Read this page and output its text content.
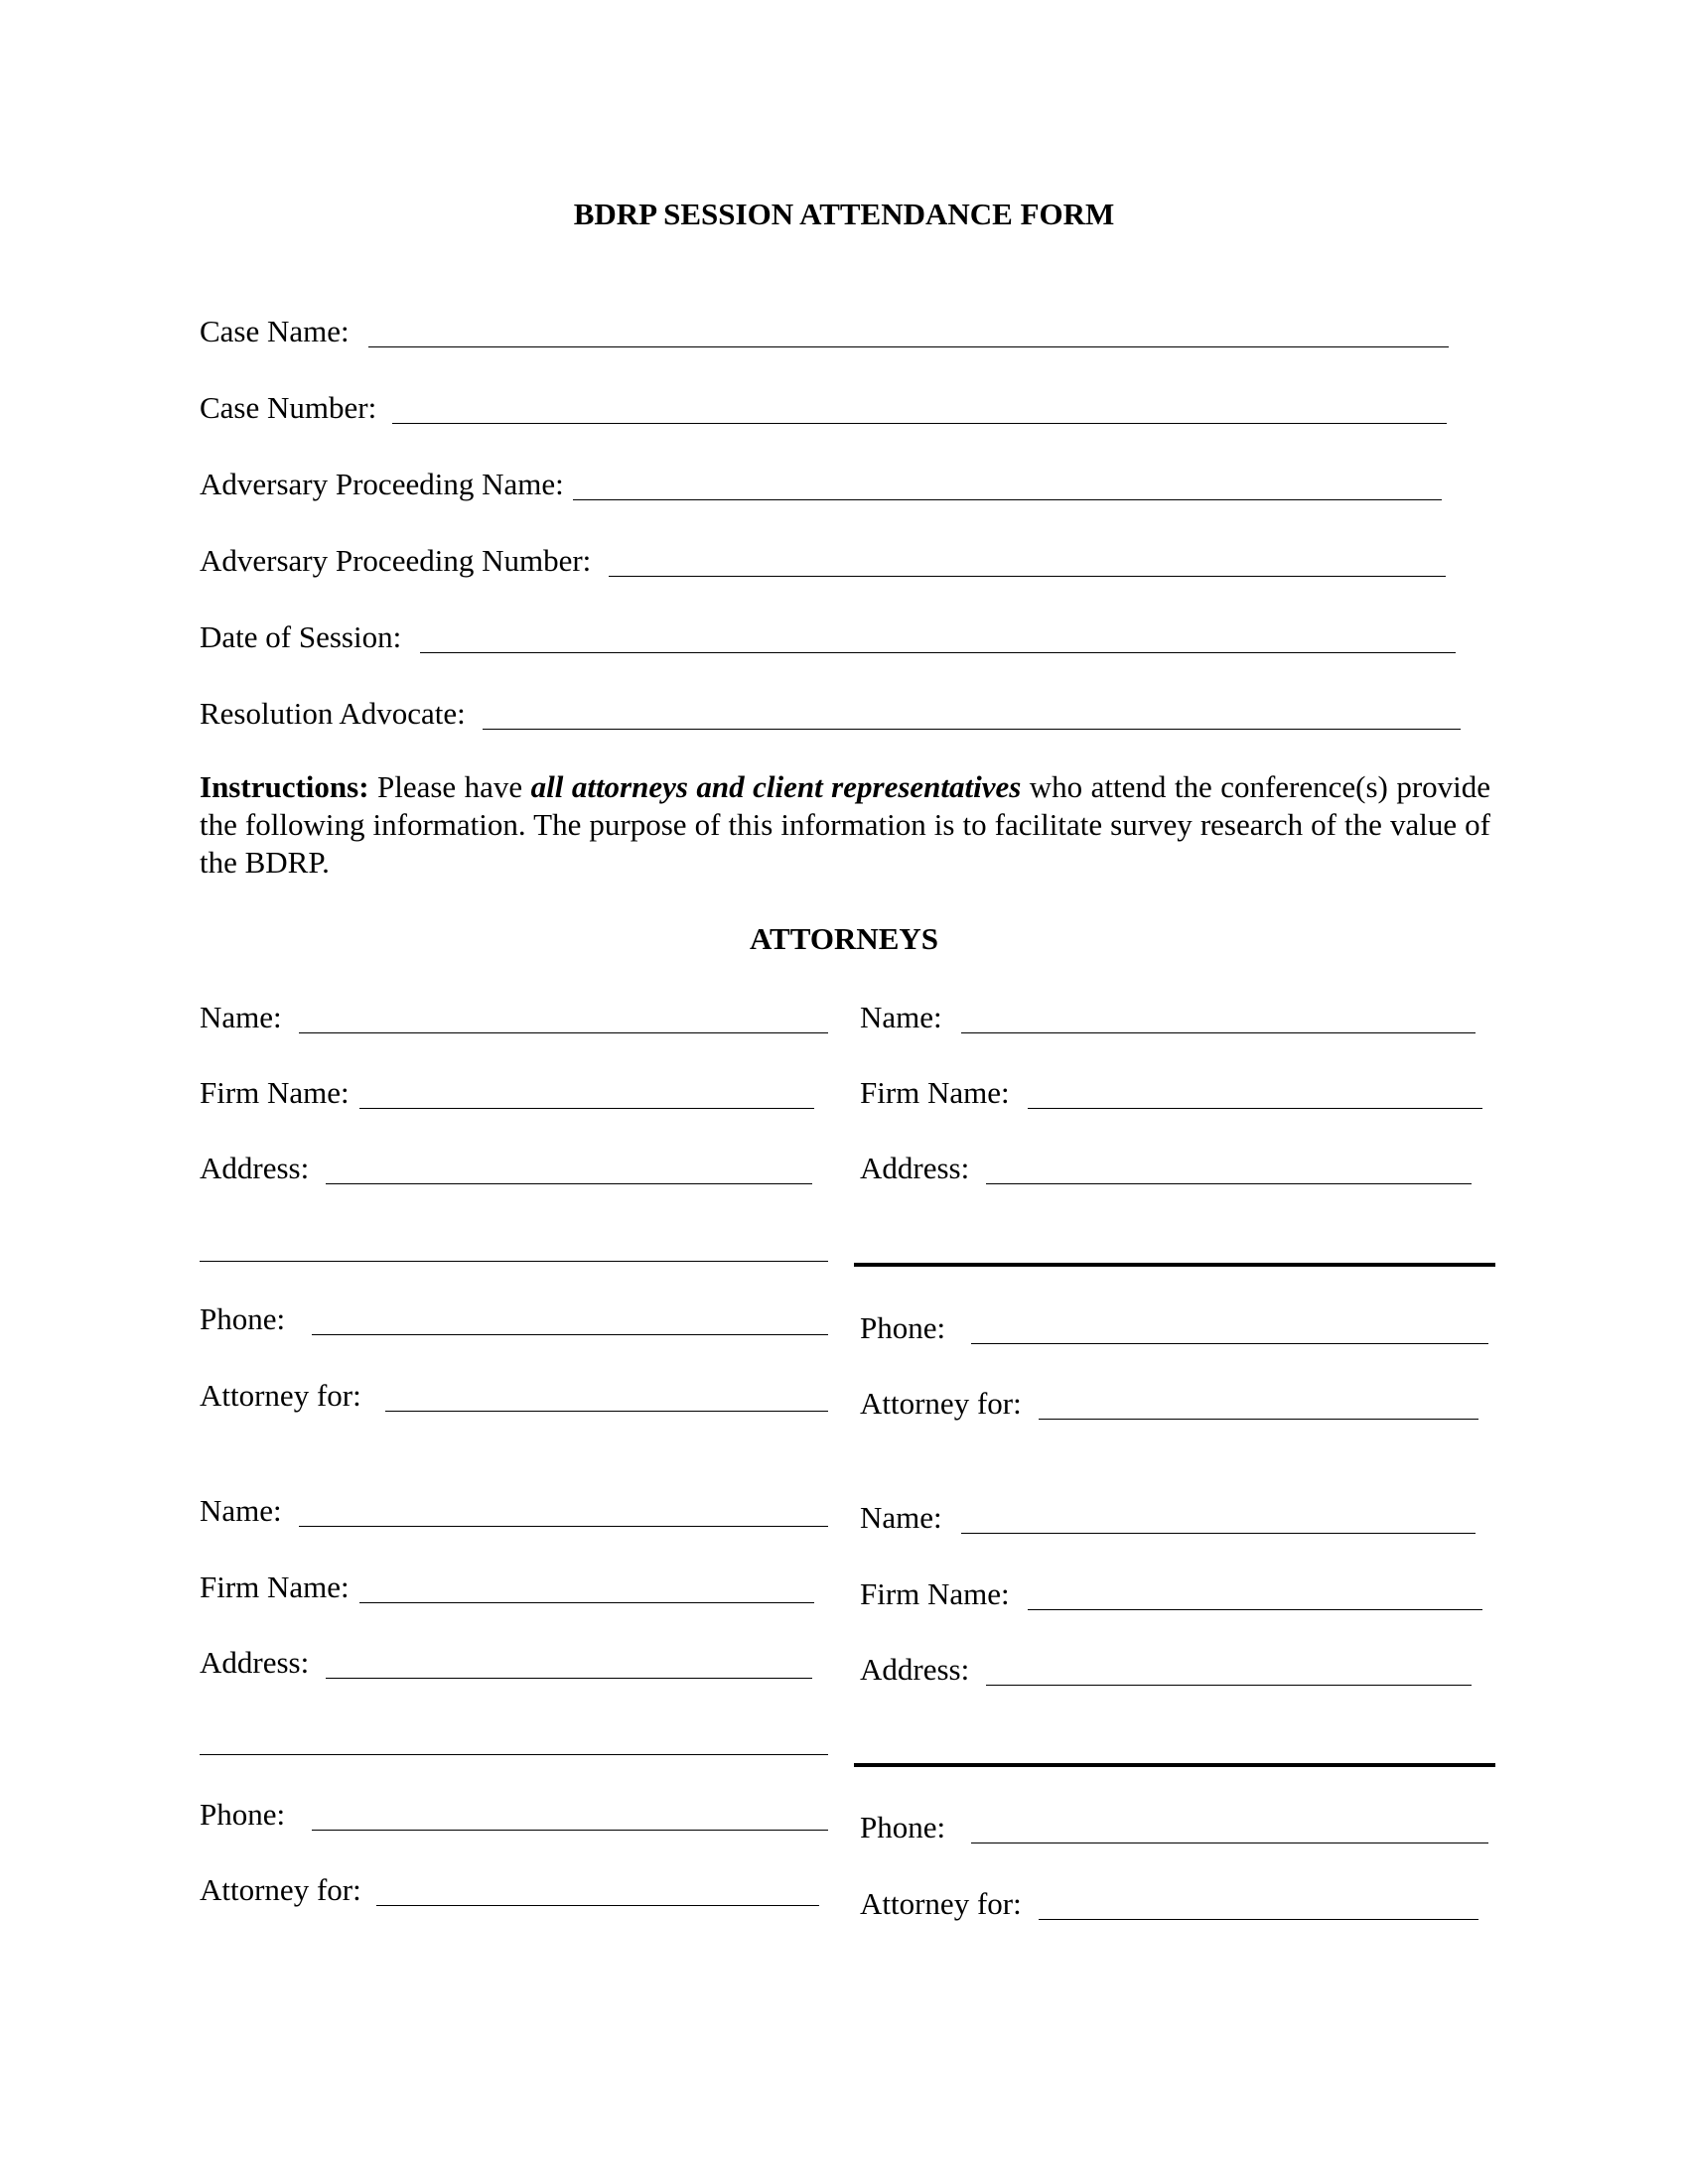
BDRP SESSION ATTENDANCE FORM
Case Name:
Case Number:
Adversary Proceeding Name:
Adversary Proceeding Number:
Date of Session:
Resolution Advocate:
Instructions: Please have all attorneys and client representatives who attend the conference(s) provide the following information. The purpose of this information is to facilitate survey research of the value of the BDRP.
ATTORNEYS
Name:
Firm Name:
Address:
Phone:
Attorney for:
Name:
Firm Name:
Address:
Phone:
Attorney for:
Name:
Firm Name:
Address:
Phone:
Attorney for:
Name:
Firm Name:
Address:
Phone:
Attorney for:
